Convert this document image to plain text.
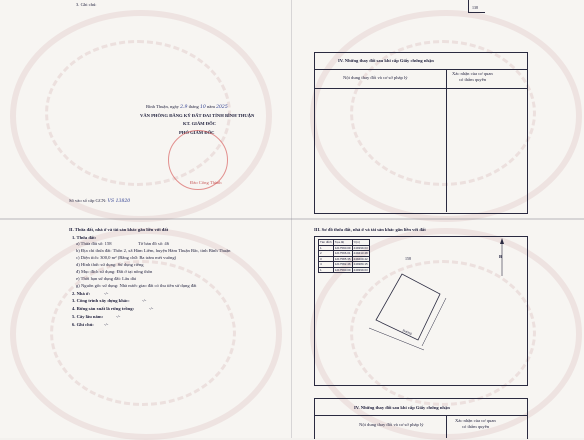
3. Ghi chú:
138
IV. Những thay đổi sau khi cấp Giấy chứng nhận
Nội dung thay đổi và cơ sở pháp lý
Xác nhận của cơ quan
có thẩm quyền
Bình Thuận, ngày 2.9 tháng 10 năm 2025
VĂN PHÒNG ĐĂNG KÝ ĐẤT ĐAI TỈNH BÌNH THUẬN
KT. GIÁM ĐỐC
PHÓ GIÁM ĐỐC
Đào Công Thành
Số vào sổ cấp GCN: VS 13820
II. Thửa đất, nhà ở và tài sản khác gắn liền với đất
1. Thửa đất:
a) Thửa đất số: 158	Tờ bản đồ số: 46
b) Địa chỉ thửa đất: Thôn 2, xã Hàm Liêm, huyện Hàm Thuận Bắc, tỉnh Bình Thuận
c) Diện tích: 300,0 m² (Bằng chữ: Ba trăm mét vuông)
d) Hình thức sử dụng: Sử dụng riêng
đ) Mục đích sử dụng: Đất ở tại nông thôn
e) Thời hạn sử dụng đất: Lâu dài
g) Nguồn gốc sử dụng: Nhà nước giao đất có thu tiền sử dụng đất
2. Nhà ở:	-/-
3. Công trình xây dựng khác:	-/-
4. Rừng sản xuất là rừng trồng:	-/-
5. Cây lâu năm:	-/-
6. Ghi chú: -/-
III. Sơ đồ thửa đất, nhà ở và tài sản khác gắn liền với đất
Tên đỉnh	Tọa độ	Y(m)
1	1217590.09	449399.03
2	1217596.01	449413.48
3	1217585.35	449400.42
4	1217582.46	449380.15
1	1217590.09	449399.03
B
158
Đường
IV. Những thay đổi sau khi cấp Giấy chứng nhận
Nội dung thay đổi và cơ sở pháp lý
Xác nhận của cơ quan
có thẩm quyền
